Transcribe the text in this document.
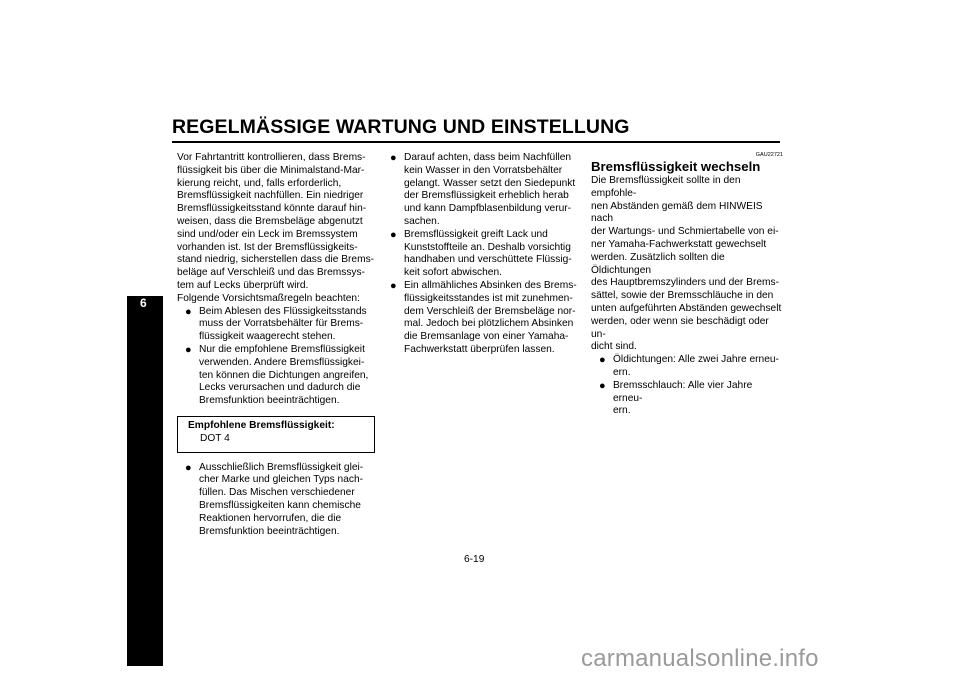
REGELMÄSSIGE WARTUNG UND EINSTELLUNG
6

Vor Fahrtantritt kontrollieren, dass Brems-
flüssigkeit bis über die Minimalstand-Mar-
kierung reicht, und, falls erforderlich,
Bremsflüssigkeit nachfüllen. Ein niedriger
Bremsflüssigkeitsstand könnte darauf hin-
weisen, dass die Bremsbeläge abgenutzt
sind und/oder ein Leck im Bremssystem
vorhanden ist. Ist der Bremsflüssigkeits-
stand niedrig, sicherstellen dass die Brems-
beläge auf Verschleiß und das Bremssys-
tem auf Lecks überprüft wird.

Folgende Vorsichtsmaßregeln beachten:

● Beim Ablesen des Flüssigkeitsstands
muss der Vorratsbehälter für Brems-
flüssigkeit waagerecht stehen.
● Nur die empfohlene Bremsflüssigkeit
verwenden. Andere Bremsflüssigkei-
ten können die Dichtungen angreifen,
Lecks verursachen und dadurch die
Bremsfunktion beeinträchtigen.
Empfohlene Bremsflüssigkeit:
DOT 4
● Ausschließlich Bremsflüssigkeit glei-
cher Marke und gleichen Typs nach-
füllen. Das Mischen verschiedener
Bremsflüssigkeiten kann chemische
Reaktionen hervorrufen, die die
Bremsfunktion beeinträchtigen.
● Darauf achten, dass beim Nachfüllen
kein Wasser in den Vorratsbehälter
gelangt. Wasser setzt den Siedepunkt
der Bremsflüssigkeit erheblich herab
und kann Dampfblasenbildung verur-
sachen.
● Bremsflüssigkeit greift Lack und
Kunststoffteile an. Deshalb vorsichtig
handhaben und verschüttete Flüssig-
keit sofort abwischen.
● Ein allmähliches Absinken des Brems-
flüssigkeitsstandes ist mit zunehmen-
dem Verschleiß der Bremsbeläge nor-
mal. Jedoch bei plötzlichem Absinken
die Bremsanlage von einer Yamaha-
Fachwerkstatt überprüfen lassen.
GAU22721
Bremsflüssigkeit wechseln

Die Bremsflüssigkeit sollte in den empfohle-
nen Abständen gemäß dem HINWEIS nach
der Wartungs- und Schmiertabelle von ei-
ner Yamaha-Fachwerkstatt gewechselt
werden. Zusätzlich sollten die Öldichtungen
des Hauptbremszylinders und der Brems-
sättel, sowie der Bremsschläuche in den
unten aufgeführten Abständen gewechselt
werden, oder wenn sie beschädigt oder un-
dicht sind.

● Öldichtungen: Alle zwei Jahre erneu-
ern.
● Bremsschlauch: Alle vier Jahre erneu-
ern.
6-19
carmanualsonline.info
